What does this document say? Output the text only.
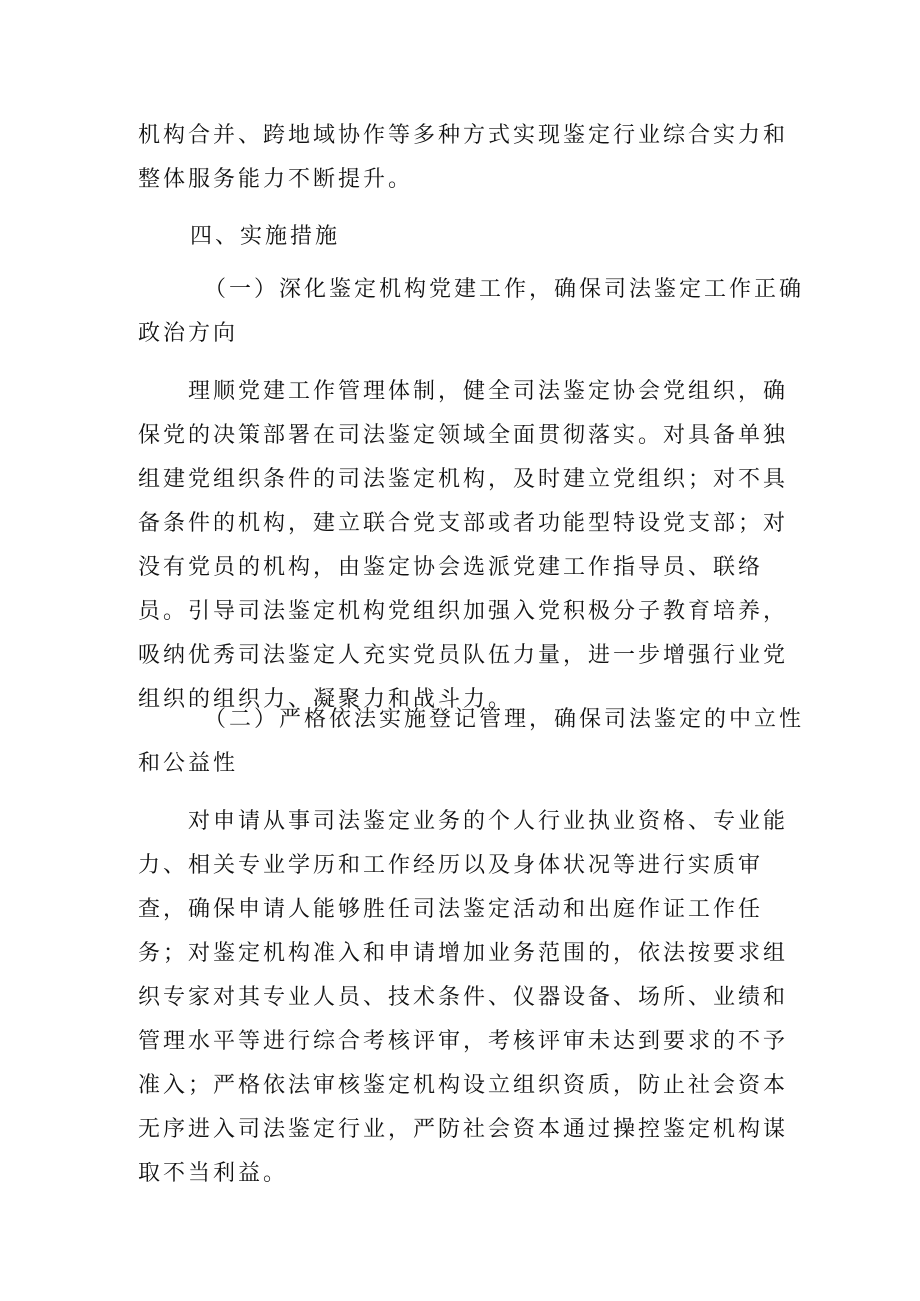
机构合并、跨地域协作等多种方式实现鉴定行业综合实力和整体服务能力不断提升。
四、实施措施
（一）深化鉴定机构党建工作，确保司法鉴定工作正确政治方向
理顺党建工作管理体制，健全司法鉴定协会党组织，确保党的决策部署在司法鉴定领域全面贯彻落实。对具备单独组建党组织条件的司法鉴定机构，及时建立党组织；对不具备条件的机构，建立联合党支部或者功能型特设党支部；对没有党员的机构，由鉴定协会选派党建工作指导员、联络员。引导司法鉴定机构党组织加强入党积极分子教育培养，吸纳优秀司法鉴定人充实党员队伍力量，进一步增强行业党组织的组织力、凝聚力和战斗力。
（二）严格依法实施登记管理，确保司法鉴定的中立性和公益性
对申请从事司法鉴定业务的个人行业执业资格、专业能力、相关专业学历和工作经历以及身体状况等进行实质审查，确保申请人能够胜任司法鉴定活动和出庭作证工作任务；对鉴定机构准入和申请增加业务范围的，依法按要求组织专家对其专业人员、技术条件、仪器设备、场所、业绩和管理水平等进行综合考核评审，考核评审未达到要求的不予准入；严格依法审核鉴定机构设立组织资质，防止社会资本无序进入司法鉴定行业，严防社会资本通过操控鉴定机构谋取不当利益。
